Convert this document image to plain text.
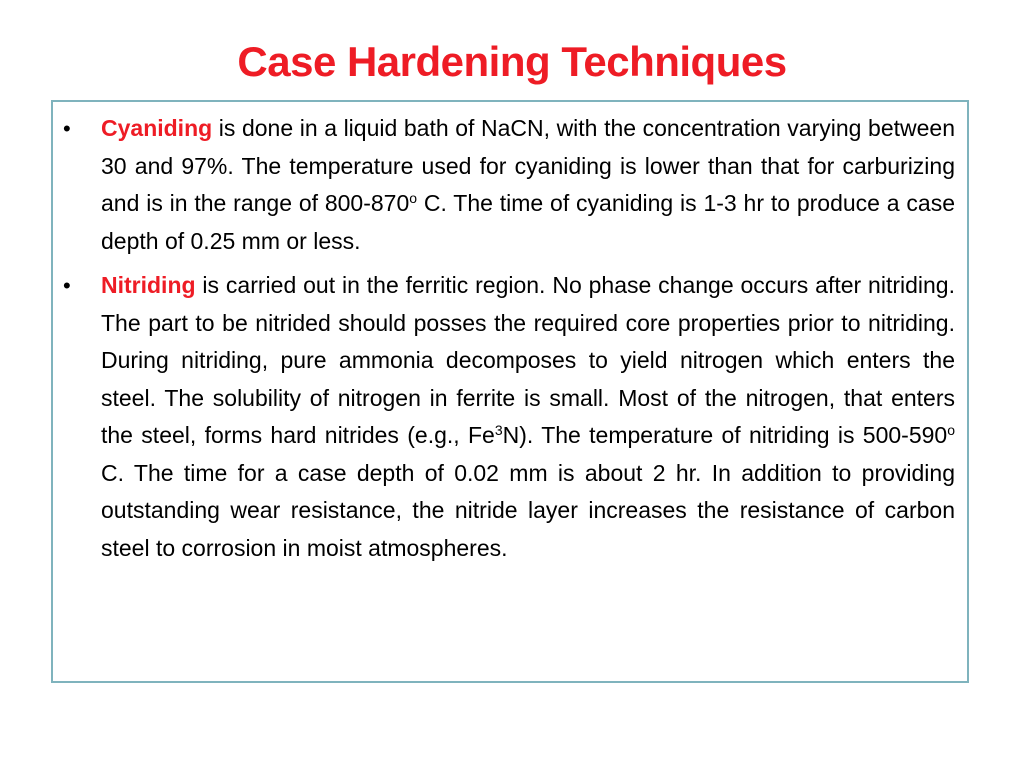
Case Hardening Techniques
• Cyaniding is done in a liquid bath of NaCN, with the concentration varying between 30 and 97%. The temperature used for cyaniding is lower than that for carburizing and is in the range of 800-870$^o$ C. The time of cyaniding is 1-3 hr to produce a case depth of 0.25 mm or less.
• Nitriding is carried out in the ferritic region. No phase change occurs after nitriding. The part to be nitrided should posses the required core properties prior to nitriding. During nitriding, pure ammonia decomposes to yield nitrogen which enters the steel. The solubility of nitrogen in ferrite is small. Most of the nitrogen, that enters the steel, forms hard nitrides (e.g., Fe$^3$N). The temperature of nitriding is 500-590$^o$ C. The time for a case depth of 0.02 mm is about 2 hr. In addition to providing outstanding wear resistance, the nitride layer increases the resistance of carbon steel to corrosion in moist atmospheres.
